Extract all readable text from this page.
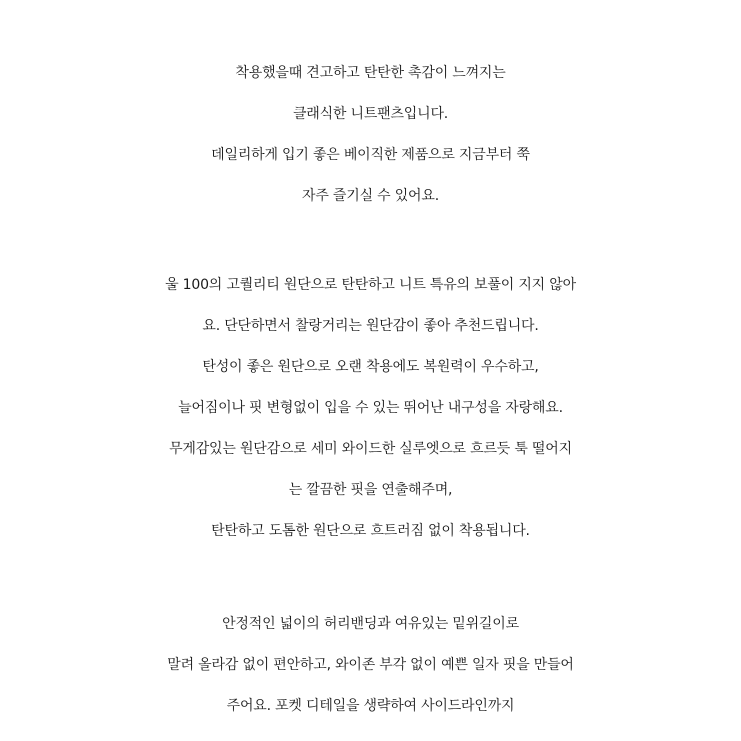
착용했을때 견고하고 탄탄한 촉감이 느껴지는
클래식한 니트팬츠입니다.
데일리하게 입기 좋은 베이직한 제품으로 지금부터 쭉
자주 즐기실 수 있어요.
울 100의 고퀄리티 원단으로 탄탄하고 니트 특유의 보풀이 지지 않아
요. 단단하면서 찰랑거리는 원단감이 좋아 추천드립니다.
탄성이 좋은 원단으로 오랜 착용에도 복원력이 우수하고,
늘어짐이나 핏 변형없이 입을 수 있는 뛰어난 내구성을 자랑해요.
무게감있는 원단감으로 세미 와이드한 실루엣으로 흐르듯 툭 떨어지
는 깔끔한 핏을 연출해주며,
탄탄하고 도톰한 원단으로 흐트러짐 없이 착용됩니다.
안정적인 넓이의 허리밴딩과 여유있는 밑위길이로
말려 올라감 없이 편안하고, 와이존 부각 없이 예쁜 일자 핏을 만들어
주어요. 포켓 디테일을 생략하여 사이드라인까지
